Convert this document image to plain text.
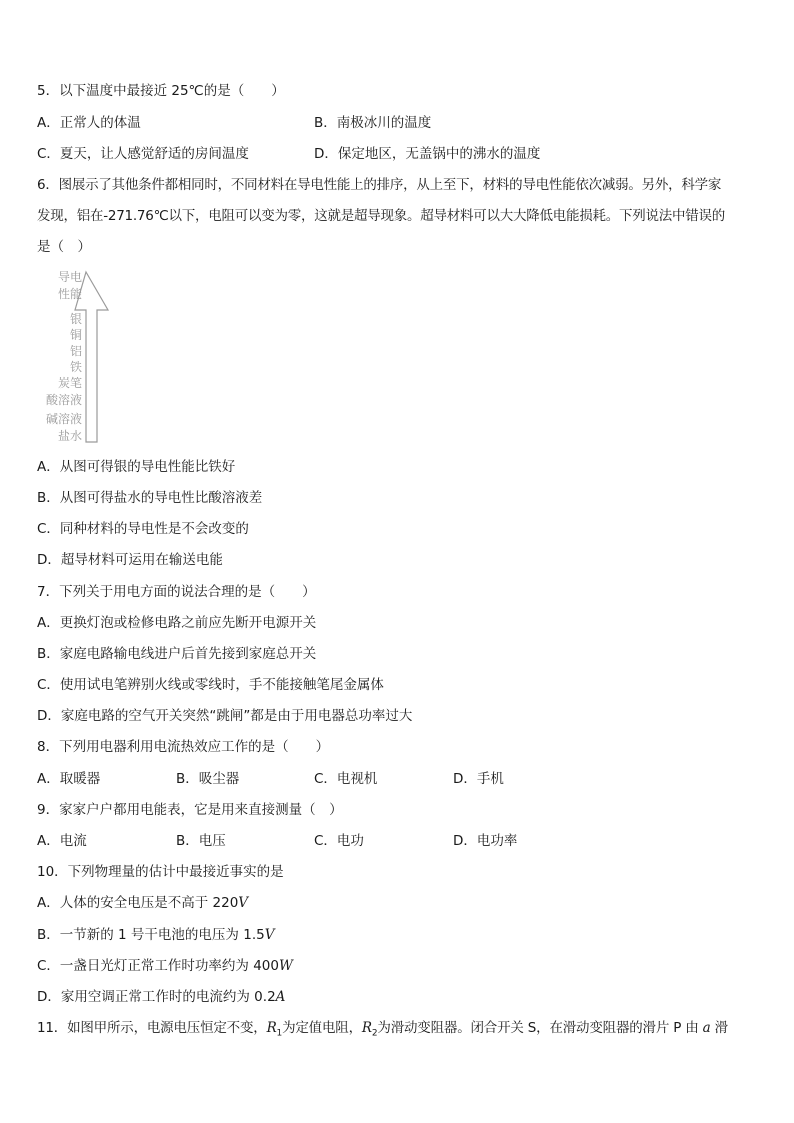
5．以下温度中最接近 25℃的是（　　）
A．正常人的体温	B．南极冰川的温度
C．夏天，让人感觉舒适的房间温度	D．保定地区，无盖锅中的沸水的温度
6．图展示了其他条件都相同时，不同材料在导电性能上的排序，从上至下，材料的导电性能依次减弱。另外，科学家
发现，铝在-271.76℃以下，电阻可以变为零，这就是超导现象。超导材料可以大大降低电能损耗。下列说法中错误的
是（　）
导电
性能
银
铜
铝
铁
炭笔
酸溶液
碱溶液
盐水
A．从图可得银的导电性能比铁好
B．从图可得盐水的导电性比酸溶液差
C．同种材料的导电性是不会改变的
D．超导材料可运用在输送电能
7．下列关于用电方面的说法合理的是（　　）
A．更换灯泡或检修电路之前应先断开电源开关
B．家庭电路输电线进户后首先接到家庭总开关
C．使用试电笔辨别火线或零线时，手不能接触笔尾金属体
D．家庭电路的空气开关突然“跳闸”都是由于用电器总功率过大
8．下列用电器利用电流热效应工作的是（　　）
A．取暖器	B．吸尘器	C．电视机	D．手机
9．家家户户都用电能表，它是用来直接测量（　）
A．电流	B．电压	C．电功	D．电功率
10．下列物理量的估计中最接近事实的是
A．人体的安全电压是不高于 220V
B．一节新的 1 号干电池的电压为 1.5V
C．一盏日光灯正常工作时功率约为 400W
D．家用空调正常工作时的电流约为 0.2A
11．如图甲所示，电源电压恒定不变，$R_1$为定值电阻，$R_2$为滑动变阻器。闭合开关 S，在滑动变阻器的滑片 P 由 a 滑
